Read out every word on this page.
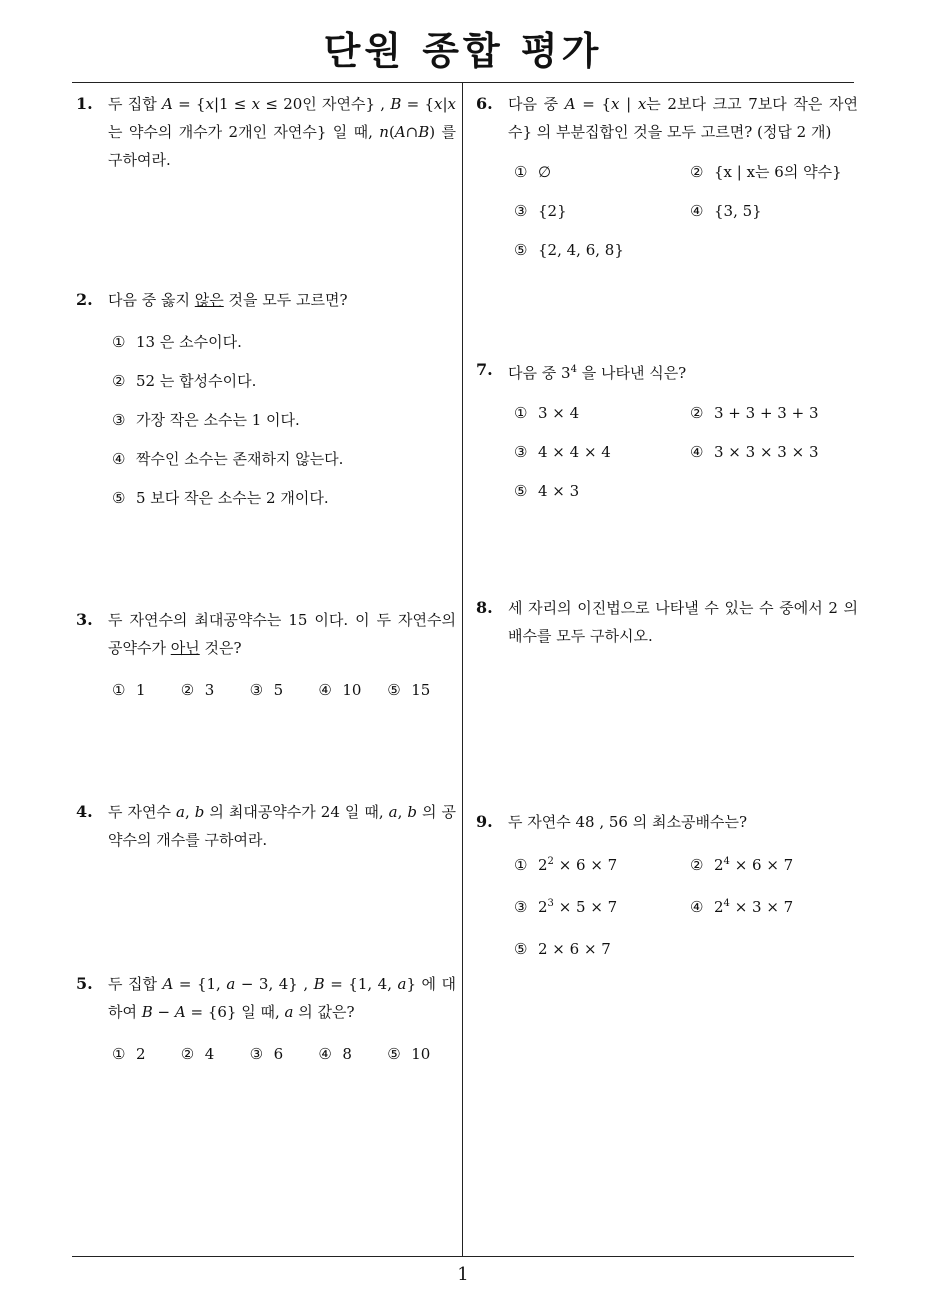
단원 종합 평가
1
1. 두 집합 A = {x|1 ≤ x ≤ 20인 자연수} , B = {x|x는 약수의 개수가 2개인 자연수} 일 때, n(A∩B) 를 구하여라.
2. 다음 중 옳지 않은 것을 모두 고르면?
① 13 은 소수이다.
② 52 는 합성수이다.
③ 가장 작은 소수는 1 이다.
④ 짝수인 소수는 존재하지 않는다.
⑤ 5 보다 작은 소수는 2 개이다.
3. 두 자연수의 최대공약수는 15 이다. 이 두 자연수의 공약수가 아닌 것은?
① 1	② 3	③ 5	④ 10	⑤ 15
4. 두 자연수 a, b 의 최대공약수가 24 일 때, a, b 의 공약수의 개수를 구하여라.
5. 두 집합 A = {1, a − 3, 4} , B = {1, 4, a} 에 대하여 B − A = {6} 일 때, a 의 값은?
① 2	② 4	③ 6	④ 8	⑤ 10
6. 다음 중 A = {x | x는 2보다 크고 7보다 작은 자연수} 의 부분집합인 것을 모두 고르면? (정답 2 개)
① ∅	② {x | x는 6의 약수}
③ {2}	④ {3, 5}
⑤ {2, 4, 6, 8}
7. 다음 중 $3^4$ 을 나타낸 식은?
① 3 × 4	② 3 + 3 + 3 + 3
③ 4 × 4 × 4	④ 3 × 3 × 3 × 3
⑤ 4 × 3
8. 세 자리의 이진법으로 나타낼 수 있는 수 중에서 2 의 배수를 모두 구하시오.
9. 두 자연수 48 , 56 의 최소공배수는?
① $2^2 \times 6 \times 7$	② $2^4 \times 6 \times 7$
③ $2^3 \times 5 \times 7$	④ $2^4 \times 3 \times 7$
⑤ 2 × 6 × 7
